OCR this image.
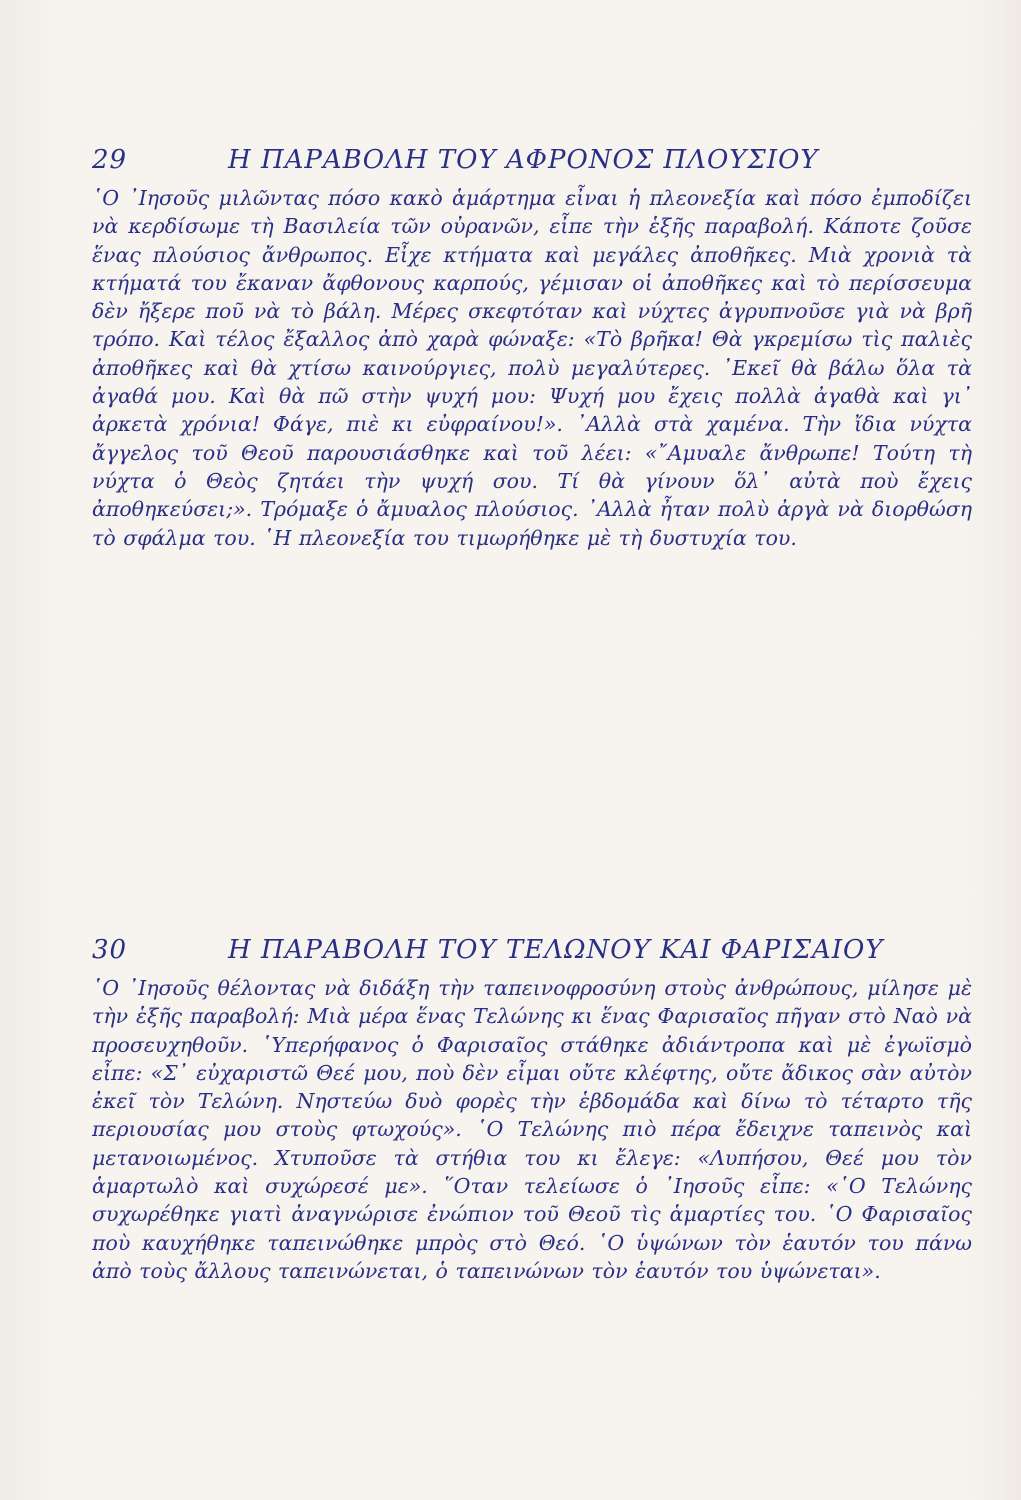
29	Η ΠΑΡΑΒΟΛΗ ΤΟΥ ΑΦΡΟΝΟΣ ΠΛΟΥΣΙΟΥ

῾Ο ᾿Ιησοῦς μιλῶντας πόσο κακὸ ἁμάρτημα εἶναι ἡ πλεονεξία καὶ πόσο ἐμποδίζει νὰ κερδίσωμε τὴ Βασιλεία τῶν οὐρανῶν, εἶπε τὴν ἑξῆς παραβολή. Κάποτε ζοῦσε ἕνας πλούσιος ἄνθρωπος. Εἶχε κτήματα καὶ μεγάλες ἀποθῆκες. Μιὰ χρονιὰ τὰ κτήματά του ἔκαναν ἄφθονους καρπούς, γέμισαν οἱ ἀποθῆκες καὶ τὸ περίσσευμα δὲν ἤξερε ποῦ νὰ τὸ βάλη. Μέρες σκεφτόταν καὶ νύχτες ἀγρυπνοῦσε γιὰ νὰ βρῆ τρόπο. Καὶ τέλος ἔξαλλος ἀπὸ χαρὰ φώναξε: «Τὸ βρῆκα! Θὰ γκρεμίσω τὶς παλιὲς ἀποθῆκες καὶ θὰ χτίσω καινούργιες, πολὺ μεγαλύτερες. ᾿Εκεῖ θὰ βάλω ὅλα τὰ ἀγαθά μου. Καὶ θὰ πῶ στὴν ψυχή μου: Ψυχή μου ἔχεις πολλὰ ἀγαθὰ καὶ γι᾿ ἀρκετὰ χρόνια! Φάγε, πιὲ κι εὐφραίνου!». ᾿Αλλὰ στὰ χαμένα. Τὴν ἴδια νύχτα ἄγγελος τοῦ Θεοῦ παρουσιάσθηκε καὶ τοῦ λέει: «῎Αμυαλε ἄνθρωπε! Τούτη τὴ νύχτα ὁ Θεὸς ζητάει τὴν ψυχή σου. Τί θὰ γίνουν ὅλ᾿ αὐτὰ ποὺ ἔχεις ἀποθηκεύσει;». Τρόμαξε ὁ ἄμυαλος πλούσιος. ᾿Αλλὰ ἦταν πολὺ ἀργὰ νὰ διορθώση τὸ σφάλμα του. ῾Η πλεονεξία του τιμωρήθηκε μὲ τὴ δυστυχία του.

30	Η ΠΑΡΑΒΟΛΗ ΤΟΥ ΤΕΛΩΝΟΥ ΚΑΙ ΦΑΡΙΣΑΙΟΥ

῾Ο ᾿Ιησοῦς θέλοντας νὰ διδάξη τὴν ταπεινοφροσύνη στοὺς ἀνθρώπους, μίλησε μὲ τὴν ἑξῆς παραβολή: Μιὰ μέρα ἕνας Τελώνης κι ἕνας Φαρισαῖος πῆγαν στὸ Ναὸ νὰ προσευχηθοῦν. ῾Υπερήφανος ὁ Φαρισαῖος στάθηκε ἀδιάντροπα καὶ μὲ ἐγωϊσμὸ εἶπε: «Σ᾿ εὐχαριστῶ Θεέ μου, ποὺ δὲν εἶμαι οὔτε κλέφτης, οὔτε ἄδικος σὰν αὐτὸν ἐκεῖ τὸν Τελώνη. Νηστεύω δυὸ φορὲς τὴν ἑβδομάδα καὶ δίνω τὸ τέταρτο τῆς περιουσίας μου στοὺς φτωχούς». ῾Ο Τελώνης πιὸ πέρα ἔδειχνε ταπεινὸς καὶ μετανοιωμένος. Χτυποῦσε τὰ στήθια του κι ἔλεγε: «Λυπήσου, Θεέ μου τὸν ἁμαρτωλὸ καὶ συχώρεσέ με». ῞Οταν τελείωσε ὁ ᾿Ιησοῦς εἶπε: «῾Ο Τελώνης συχωρέθηκε γιατὶ ἀναγνώρισε ἐνώπιον τοῦ Θεοῦ τὶς ἁμαρτίες του. ῾Ο Φαρισαῖος ποὺ καυχήθηκε ταπεινώθηκε μπρὸς στὸ Θεό. ῾Ο ὑψώνων τὸν ἑαυτόν του πάνω ἀπὸ τοὺς ἄλλους ταπεινώνεται, ὁ ταπεινώνων τὸν ἑαυτόν του ὑψώνεται».
